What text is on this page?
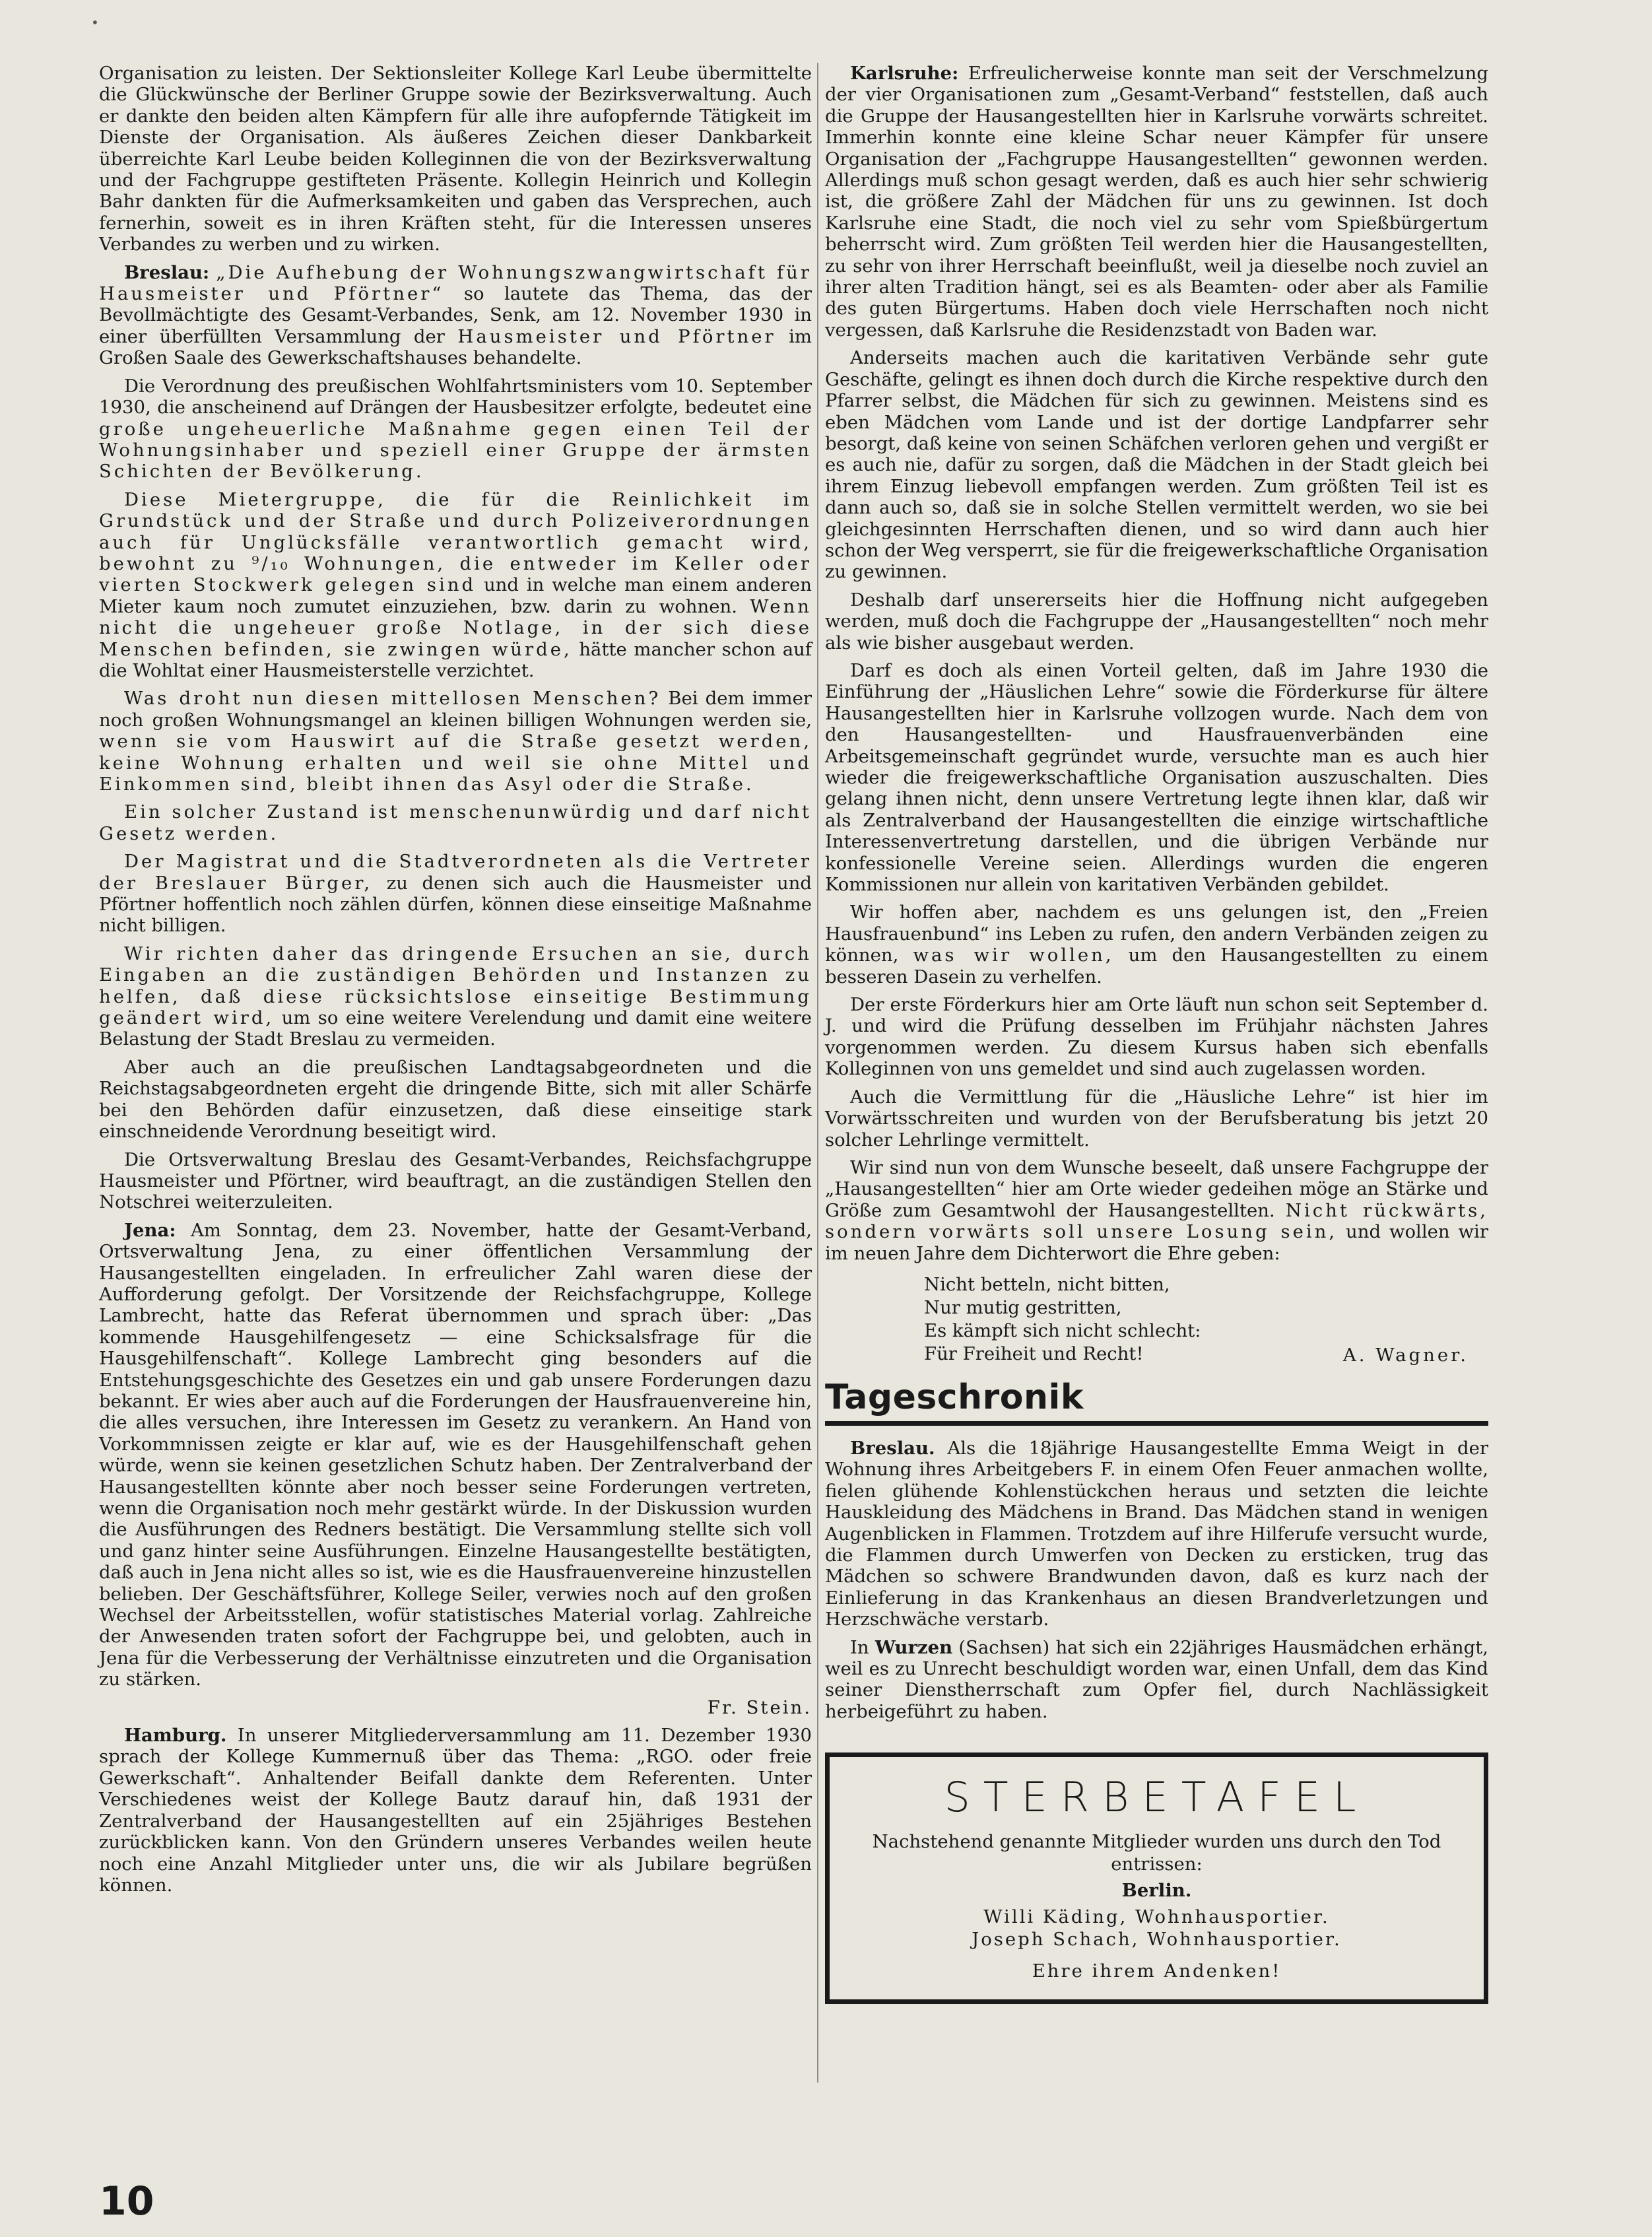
•

Organisation zu leisten. Der Sektionsleiter Kollege Karl Leube übermittelte die Glückwünsche der Berliner Gruppe sowie der Bezirksverwaltung. Auch er dankte den beiden alten Kämpfern für alle ihre aufopfernde Tätigkeit im Dienste der Organisation. Als äußeres Zeichen dieser Dankbarkeit überreichte Karl Leube beiden Kolleginnen die von der Bezirksverwaltung und der Fachgruppe gestifteten Präsente. Kollegin Heinrich und Kollegin Bahr dankten für die Aufmerksamkeiten und gaben das Versprechen, auch fernerhin, soweit es in ihren Kräften steht, für die Interessen unseres Verbandes zu werben und zu wirken.

Breslau: „Die Aufhebung der Wohnungszwangwirtschaft für Hausmeister und Pförtner“ so lautete das Thema, das der Bevollmächtigte des Gesamt-Verbandes, Senk, am 12. November 1930 in einer überfüllten Versammlung der Hausmeister und Pförtner im Großen Saale des Gewerkschaftshauses behandelte.

Die Verordnung des preußischen Wohlfahrtsministers vom 10. September 1930, die anscheinend auf Drängen der Hausbesitzer erfolgte, bedeutet eine große ungeheuerliche Maßnahme gegen einen Teil der Wohnungsinhaber und speziell einer Gruppe der ärmsten Schichten der Bevölkerung.

Diese Mietergruppe, die für die Reinlichkeit im Grundstück und der Straße und durch Polizeiverordnungen auch für Unglücksfälle verantwortlich gemacht wird, bewohnt zu ⁹/₁₀ Wohnungen, die entweder im Keller oder vierten Stockwerk gelegen sind und in welche man einem anderen Mieter kaum noch zumutet einzuziehen, bzw. darin zu wohnen. Wenn nicht die ungeheuer große Notlage, in der sich diese Menschen befinden, sie zwingen würde, hätte mancher schon auf die Wohltat einer Hausmeisterstelle verzichtet.

Was droht nun diesen mittellosen Menschen? Bei dem immer noch großen Wohnungsmangel an kleinen billigen Wohnungen werden sie, wenn sie vom Hauswirt auf die Straße gesetzt werden, keine Wohnung erhalten und weil sie ohne Mittel und Einkommen sind, bleibt ihnen das Asyl oder die Straße.

Ein solcher Zustand ist menschenunwürdig und darf nicht Gesetz werden.

Der Magistrat und die Stadtverordneten als die Vertreter der Breslauer Bürger, zu denen sich auch die Hausmeister und Pförtner hoffentlich noch zählen dürfen, können diese einseitige Maßnahme nicht billigen.

Wir richten daher das dringende Ersuchen an sie, durch Eingaben an die zuständigen Behörden und Instanzen zu helfen, daß diese rücksichtslose einseitige Bestimmung geändert wird, um so eine weitere Verelendung und damit eine weitere Belastung der Stadt Breslau zu vermeiden.

Aber auch an die preußischen Landtagsabgeordneten und die Reichstagsabgeordneten ergeht die dringende Bitte, sich mit aller Schärfe bei den Behörden dafür einzusetzen, daß diese einseitige stark einschneidende Verordnung beseitigt wird.

Die Ortsverwaltung Breslau des Gesamt-Verbandes, Reichsfachgruppe Hausmeister und Pförtner, wird beauftragt, an die zuständigen Stellen den Notschrei weiterzuleiten.

Jena: Am Sonntag, dem 23. November, hatte der Gesamt-Verband, Ortsverwaltung Jena, zu einer öffentlichen Versammlung der Hausangestellten eingeladen. In erfreulicher Zahl waren diese der Aufforderung gefolgt. Der Vorsitzende der Reichsfachgruppe, Kollege Lambrecht, hatte das Referat übernommen und sprach über: „Das kommende Hausgehilfengesetz — eine Schicksalsfrage für die Hausgehilfenschaft“. Kollege Lambrecht ging besonders auf die Entstehungsgeschichte des Gesetzes ein und gab unsere Forderungen dazu bekannt. Er wies aber auch auf die Forderungen der Hausfrauenvereine hin, die alles versuchen, ihre Interessen im Gesetz zu verankern. An Hand von Vorkommnissen zeigte er klar auf, wie es der Hausgehilfenschaft gehen würde, wenn sie keinen gesetzlichen Schutz haben. Der Zentralverband der Hausangestellten könnte aber noch besser seine Forderungen vertreten, wenn die Organisation noch mehr gestärkt würde. In der Diskussion wurden die Ausführungen des Redners bestätigt. Die Versammlung stellte sich voll und ganz hinter seine Ausführungen. Einzelne Hausangestellte bestätigten, daß auch in Jena nicht alles so ist, wie es die Hausfrauenvereine hinzustellen belieben. Der Geschäftsführer, Kollege Seiler, verwies noch auf den großen Wechsel der Arbeitsstellen, wofür statistisches Material vorlag. Zahlreiche der Anwesenden traten sofort der Fachgruppe bei, und gelobten, auch in Jena für die Verbesserung der Verhältnisse einzutreten und die Organisation zu stärken.

Fr. Stein.

Hamburg. In unserer Mitgliederversammlung am 11. Dezember 1930 sprach der Kollege Kummernuß über das Thema: „RGO. oder freie Gewerkschaft“. Anhaltender Beifall dankte dem Referenten. Unter Verschiedenes weist der Kollege Bautz darauf hin, daß 1931 der Zentralverband der Hausangestellten auf ein 25jähriges Bestehen zurückblicken kann. Von den Gründern unseres Verbandes weilen heute noch eine Anzahl Mitglieder unter uns, die wir als Jubilare begrüßen können.

Karlsruhe: Erfreulicherweise konnte man seit der Verschmelzung der vier Organisationen zum „Gesamt-Verband“ feststellen, daß auch die Gruppe der Hausangestellten hier in Karlsruhe vorwärts schreitet. Immerhin konnte eine kleine Schar neuer Kämpfer für unsere Organisation der „Fachgruppe Hausangestellten“ gewonnen werden. Allerdings muß schon gesagt werden, daß es auch hier sehr schwierig ist, die größere Zahl der Mädchen für uns zu gewinnen. Ist doch Karlsruhe eine Stadt, die noch viel zu sehr vom Spießbürgertum beherrscht wird. Zum größten Teil werden hier die Hausangestellten, zu sehr von ihrer Herrschaft beeinflußt, weil ja dieselbe noch zuviel an ihrer alten Tradition hängt, sei es als Beamten- oder aber als Familie des guten Bürgertums. Haben doch viele Herrschaften noch nicht vergessen, daß Karlsruhe die Residenzstadt von Baden war.

Anderseits machen auch die karitativen Verbände sehr gute Geschäfte, gelingt es ihnen doch durch die Kirche respektive durch den Pfarrer selbst, die Mädchen für sich zu gewinnen. Meistens sind es eben Mädchen vom Lande und ist der dortige Landpfarrer sehr besorgt, daß keine von seinen Schäfchen verloren gehen und vergißt er es auch nie, dafür zu sorgen, daß die Mädchen in der Stadt gleich bei ihrem Einzug liebevoll empfangen werden. Zum größten Teil ist es dann auch so, daß sie in solche Stellen vermittelt werden, wo sie bei gleichgesinnten Herrschaften dienen, und so wird dann auch hier schon der Weg versperrt, sie für die freigewerkschaftliche Organisation zu gewinnen.

Deshalb darf unsererseits hier die Hoffnung nicht aufgegeben werden, muß doch die Fachgruppe der „Hausangestellten“ noch mehr als wie bisher ausgebaut werden.

Darf es doch als einen Vorteil gelten, daß im Jahre 1930 die Einführung der „Häuslichen Lehre“ sowie die Förderkurse für ältere Hausangestellten hier in Karlsruhe vollzogen wurde. Nach dem von den Hausangestellten- und Hausfrauenverbänden eine Arbeitsgemeinschaft gegründet wurde, versuchte man es auch hier wieder die freigewerkschaftliche Organisation auszuschalten. Dies gelang ihnen nicht, denn unsere Vertretung legte ihnen klar, daß wir als Zentralverband der Hausangestellten die einzige wirtschaftliche Interessenvertretung darstellen, und die übrigen Verbände nur konfessionelle Vereine seien. Allerdings wurden die engeren Kommissionen nur allein von karitativen Verbänden gebildet.

Wir hoffen aber, nachdem es uns gelungen ist, den „Freien Hausfrauenbund“ ins Leben zu rufen, den andern Verbänden zeigen zu können, was wir wollen, um den Hausangestellten zu einem besseren Dasein zu verhelfen.

Der erste Förderkurs hier am Orte läuft nun schon seit September d. J. und wird die Prüfung desselben im Frühjahr nächsten Jahres vorgenommen werden. Zu diesem Kursus haben sich ebenfalls Kolleginnen von uns gemeldet und sind auch zugelassen worden.

Auch die Vermittlung für die „Häusliche Lehre“ ist hier im Vorwärtsschreiten und wurden von der Berufsberatung bis jetzt 20 solcher Lehrlinge vermittelt.

Wir sind nun von dem Wunsche beseelt, daß unsere Fachgruppe der „Hausangestellten“ hier am Orte wieder gedeihen möge an Stärke und Größe zum Gesamtwohl der Hausangestellten. Nicht rückwärts, sondern vorwärts soll unsere Losung sein, und wollen wir im neuen Jahre dem Dichterwort die Ehre geben:

Nicht betteln, nicht bitten,
Nur mutig gestritten,
Es kämpft sich nicht schlecht:
Für Freiheit und Recht!	A. Wagner.
Tageschronik

Breslau. Als die 18jährige Hausangestellte Emma Weigt in der Wohnung ihres Arbeitgebers F. in einem Ofen Feuer anmachen wollte, fielen glühende Kohlenstückchen heraus und setzten die leichte Hauskleidung des Mädchens in Brand. Das Mädchen stand in wenigen Augenblicken in Flammen. Trotzdem auf ihre Hilferufe versucht wurde, die Flammen durch Umwerfen von Decken zu ersticken, trug das Mädchen so schwere Brandwunden davon, daß es kurz nach der Einlieferung in das Krankenhaus an diesen Brandverletzungen und Herzschwäche verstarb.

In Wurzen (Sachsen) hat sich ein 22jähriges Hausmädchen erhängt, weil es zu Unrecht beschuldigt worden war, einen Unfall, dem das Kind seiner Dienstherrschaft zum Opfer fiel, durch Nachlässigkeit herbeigeführt zu haben.

STERBETAFEL
Nachstehend genannte Mitglieder wurden uns durch den Tod entrissen:
Berlin.
Willi Käding, Wohnhausportier.
Joseph Schach, Wohnhausportier.
Ehre ihrem Andenken!
10
